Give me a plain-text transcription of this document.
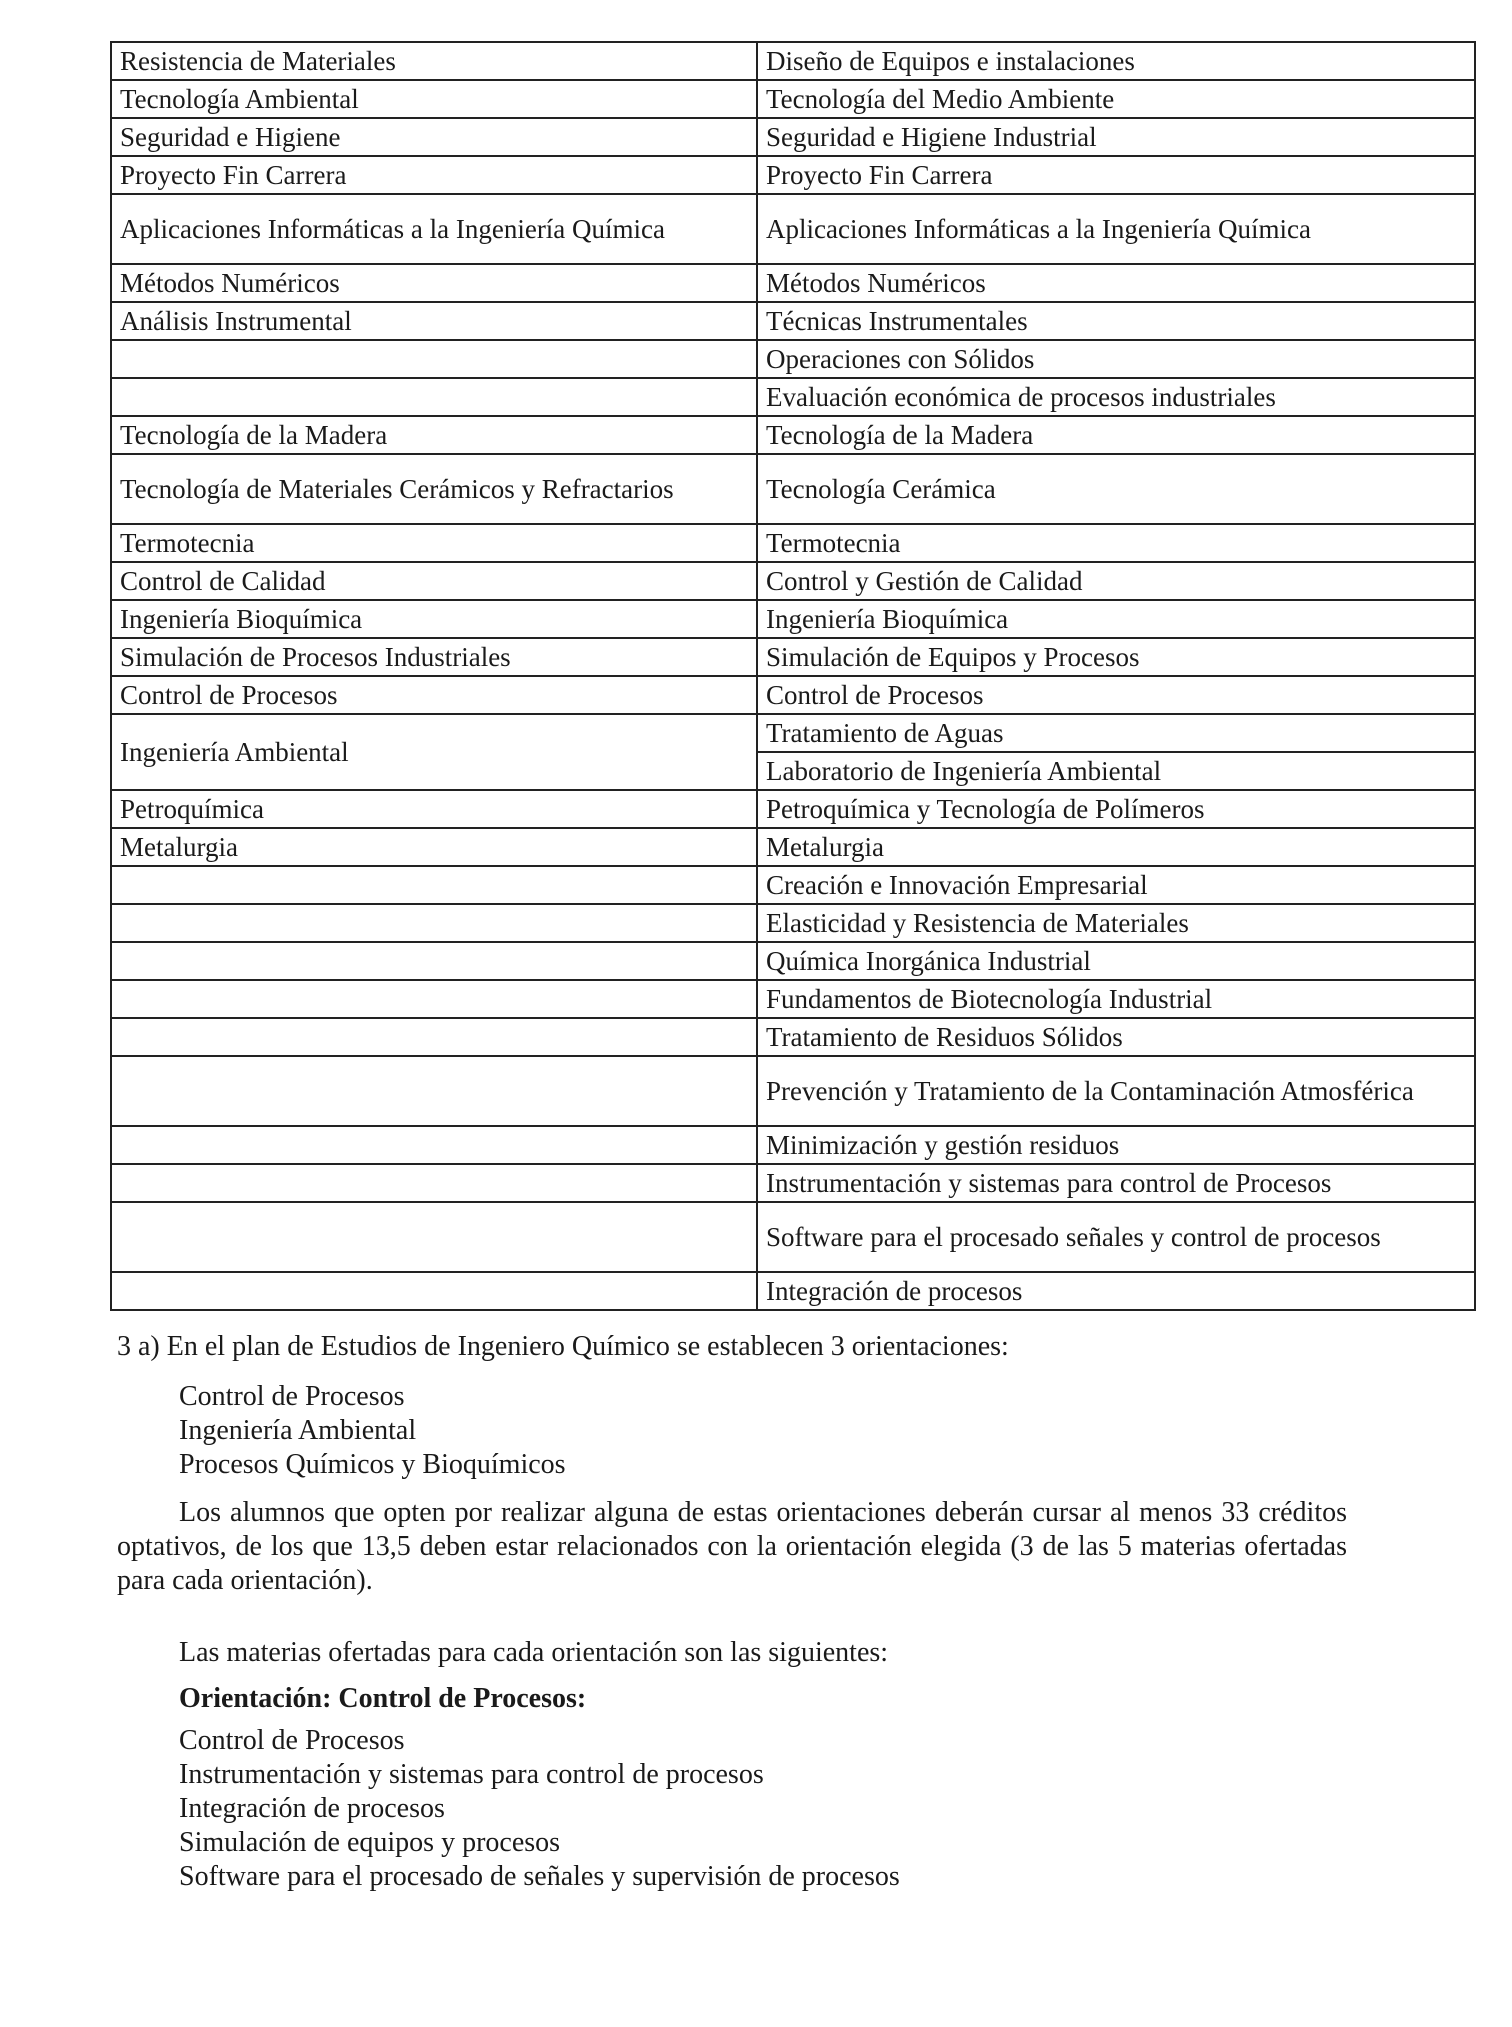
Resistencia de Materiales	Diseño de Equipos e instalaciones
Tecnología Ambiental	Tecnología del Medio Ambiente
Seguridad e Higiene	Seguridad e Higiene Industrial
Proyecto Fin Carrera	Proyecto Fin Carrera
Aplicaciones Informáticas a la Ingeniería Química	Aplicaciones Informáticas a la Ingeniería Química
Métodos Numéricos	Métodos Numéricos
Análisis Instrumental	Técnicas Instrumentales
	Operaciones con Sólidos
	Evaluación económica de procesos industriales
Tecnología de la Madera	Tecnología de la Madera
Tecnología de Materiales Cerámicos y Refractarios	Tecnología Cerámica
Termotecnia	Termotecnia
Control de Calidad	Control y Gestión de Calidad
Ingeniería Bioquímica	Ingeniería Bioquímica
Simulación de Procesos Industriales	Simulación de Equipos y Procesos
Control de Procesos	Control de Procesos
Ingeniería Ambiental	Tratamiento de Aguas
	Laboratorio de Ingeniería Ambiental
Petroquímica	Petroquímica y Tecnología de Polímeros
Metalurgia	Metalurgia
	Creación e Innovación Empresarial
	Elasticidad y Resistencia de Materiales
	Química Inorgánica Industrial
	Fundamentos de Biotecnología Industrial
	Tratamiento de Residuos Sólidos
	Prevención y Tratamiento de la Contaminación Atmosférica
	Minimización y gestión residuos
	Instrumentación y sistemas para control de Procesos
	Software para el procesado señales y control de procesos
	Integración de procesos

3 a) En el plan de Estudios de Ingeniero Químico se establecen 3 orientaciones:

Control de Procesos
Ingeniería Ambiental
Procesos Químicos y Bioquímicos

Los alumnos que opten por realizar alguna de estas orientaciones deberán cursar al menos 33 créditos optativos, de los que 13,5 deben estar relacionados con la orientación elegida (3 de las 5 materias ofertadas para cada orientación).

Las materias ofertadas para cada orientación son las siguientes:

Orientación: Control de Procesos:

Control de Procesos
Instrumentación y sistemas para control de procesos
Integración de procesos
Simulación de equipos y procesos
Software para el procesado de señales y supervisión de procesos
